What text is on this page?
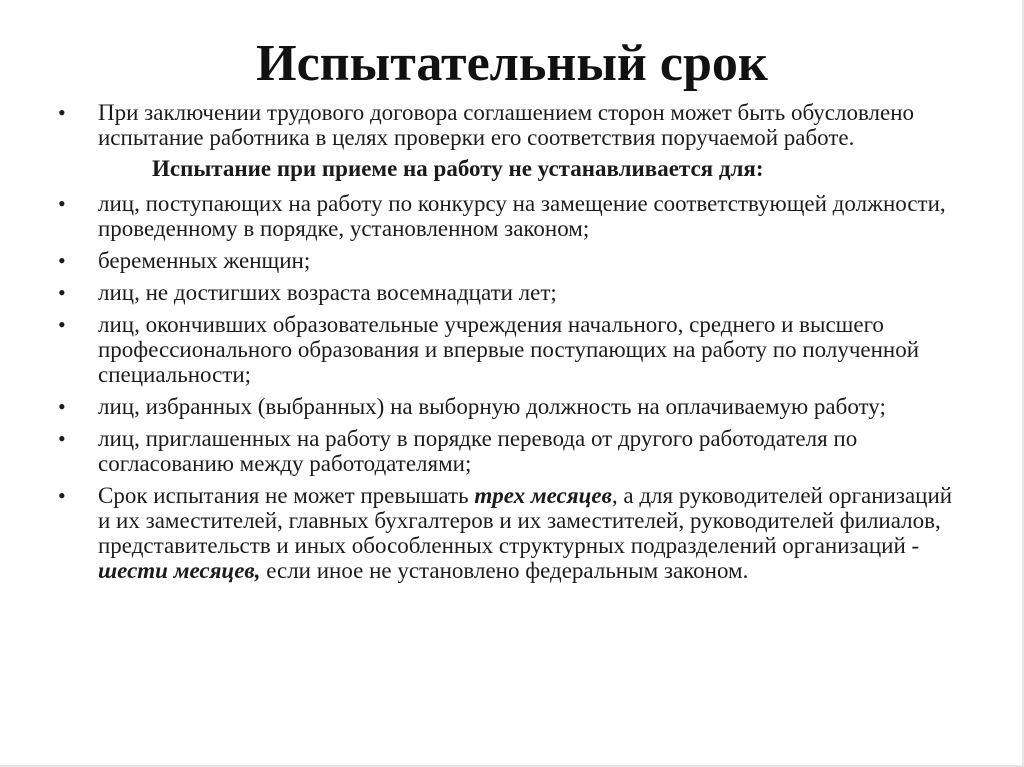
Испытательный срок
• При заключении трудового договора соглашением сторон может быть обусловлено испытание работника в целях проверки его соответствия поручаемой работе.
Испытание при приеме на работу не устанавливается для:
• лиц, поступающих на работу по конкурсу на замещение соответствующей должности, проведенному в порядке, установленном законом;
• беременных женщин;
• лиц, не достигших возраста восемнадцати лет;
• лиц, окончивших образовательные учреждения начального, среднего и высшего профессионального образования и впервые поступающих на работу по полученной специальности;
• лиц, избранных (выбранных) на выборную должность на оплачиваемую работу;
• лиц, приглашенных на работу в порядке перевода от другого работодателя по согласованию между работодателями;
• Срок испытания не может превышать трех месяцев, а для руководителей организаций и их заместителей, главных бухгалтеров и их заместителей, руководителей филиалов, представительств и иных обособленных структурных подразделений организаций - шести месяцев, если иное не установлено федеральным законом.
